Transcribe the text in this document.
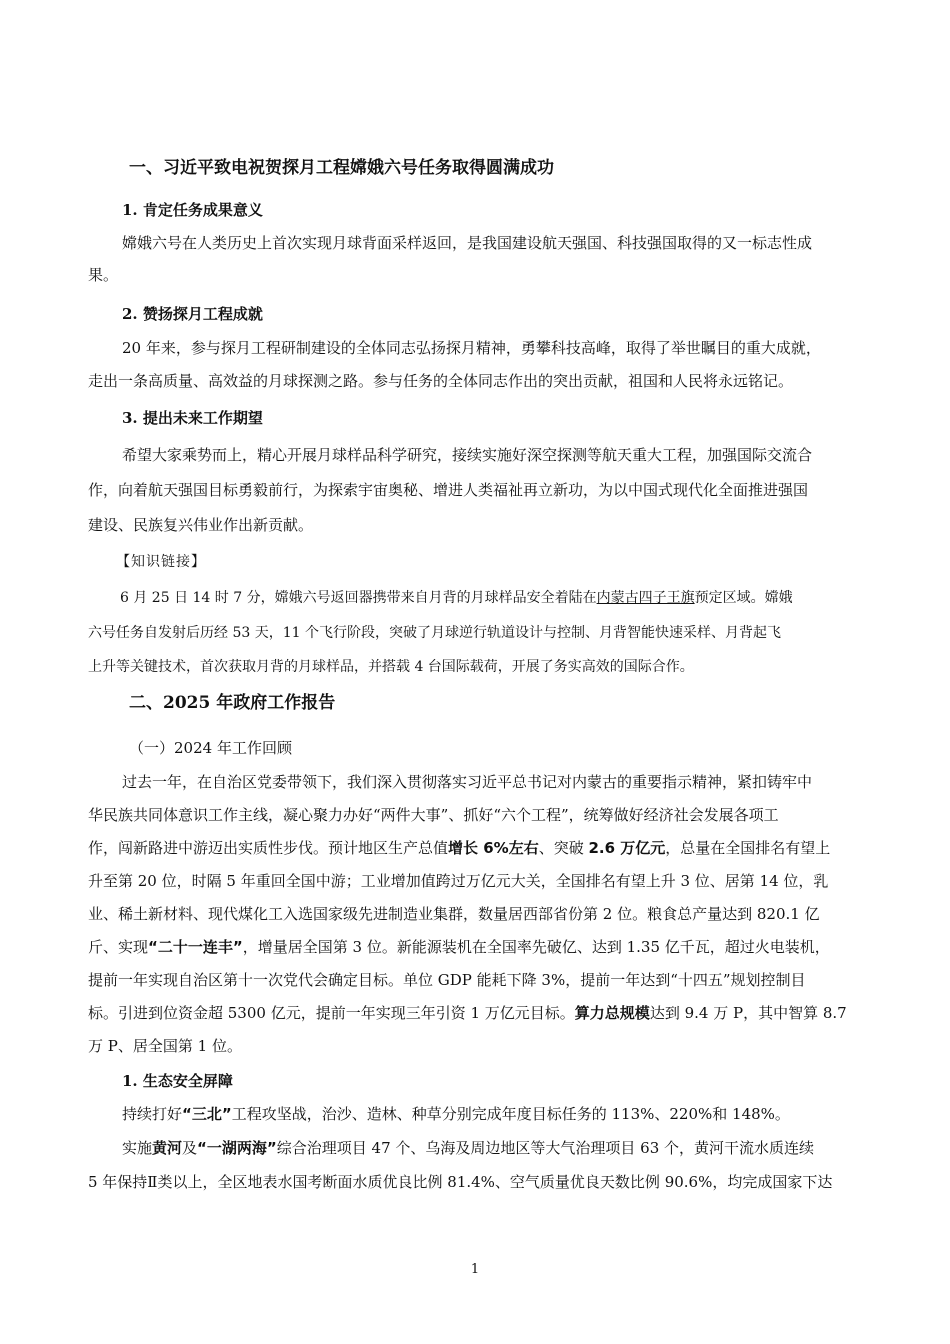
一、习近平致电祝贺探月工程嫦娥六号任务取得圆满成功
1. 肯定任务成果意义
嫦娥六号在人类历史上首次实现月球背面采样返回，是我国建设航天强国、科技强国取得的又一标志性成
果。
2. 赞扬探月工程成就
20 年来，参与探月工程研制建设的全体同志弘扬探月精神，勇攀科技高峰，取得了举世瞩目的重大成就，
走出一条高质量、高效益的月球探测之路。参与任务的全体同志作出的突出贡献，祖国和人民将永远铭记。
3. 提出未来工作期望
希望大家乘势而上，精心开展月球样品科学研究，接续实施好深空探测等航天重大工程，加强国际交流合
作，向着航天强国目标勇毅前行，为探索宇宙奥秘、增进人类福祉再立新功，为以中国式现代化全面推进强国
建设、民族复兴伟业作出新贡献。
【知识链接】
6 月 25 日 14 时 7 分，嫦娥六号返回器携带来自月背的月球样品安全着陆在内蒙古四子王旗预定区域。嫦娥
六号任务自发射后历经 53 天，11 个飞行阶段，突破了月球逆行轨道设计与控制、月背智能快速采样、月背起飞
上升等关键技术，首次获取月背的月球样品，并搭载 4 台国际载荷，开展了务实高效的国际合作。
二、2025 年政府工作报告
（一）2024 年工作回顾
过去一年，在自治区党委带领下，我们深入贯彻落实习近平总书记对内蒙古的重要指示精神，紧扣铸牢中
华民族共同体意识工作主线，凝心聚力办好“两件大事”、抓好“六个工程”，统筹做好经济社会发展各项工
作，闯新路进中游迈出实质性步伐。预计地区生产总值增长 6%左右、突破 2.6 万亿元，总量在全国排名有望上
升至第 20 位，时隔 5 年重回全国中游；工业增加值跨过万亿元大关，全国排名有望上升 3 位、居第 14 位，乳
业、稀土新材料、现代煤化工入选国家级先进制造业集群，数量居西部省份第 2 位。粮食总产量达到 820.1 亿
斤、实现“二十一连丰”，增量居全国第 3 位。新能源装机在全国率先破亿、达到 1.35 亿千瓦，超过火电装机，
提前一年实现自治区第十一次党代会确定目标。单位 GDP 能耗下降 3%，提前一年达到“十四五”规划控制目
标。引进到位资金超 5300 亿元，提前一年实现三年引资 1 万亿元目标。算力总规模达到 9.4 万 P，其中智算 8.7
万 P、居全国第 1 位。
1. 生态安全屏障
持续打好“三北”工程攻坚战，治沙、造林、种草分别完成年度目标任务的 113%、220%和 148%。
实施黄河及“一湖两海”综合治理项目 47 个、乌海及周边地区等大气治理项目 63 个，黄河干流水质连续
5 年保持Ⅱ类以上，全区地表水国考断面水质优良比例 81.4%、空气质量优良天数比例 90.6%，均完成国家下达
1
